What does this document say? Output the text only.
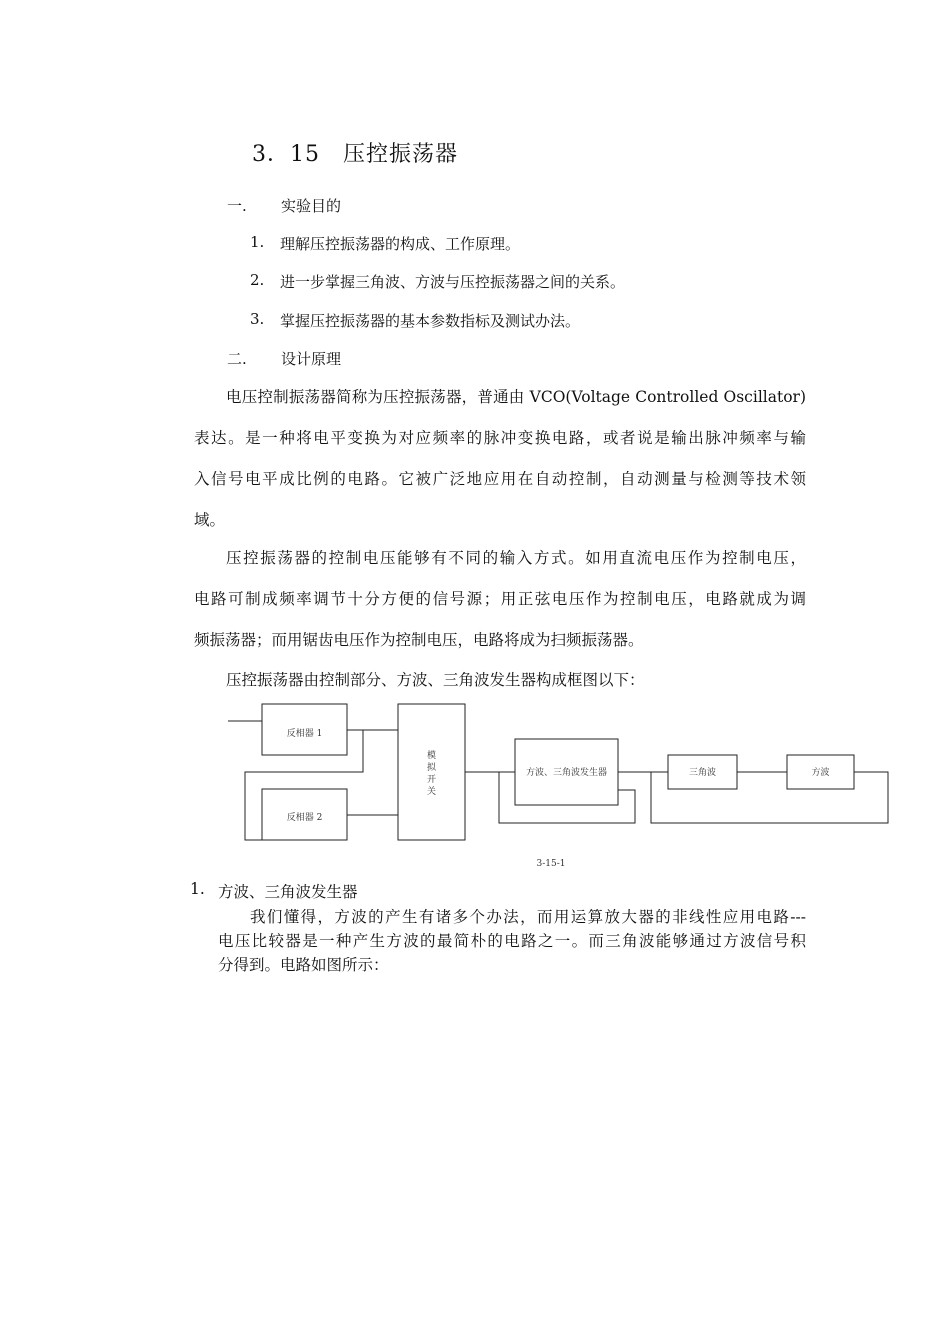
3．15　压控振荡器
一. 实验目的
1. 理解压控振荡器的构成、工作原理。
2. 进一步掌握三角波、方波与压控振荡器之间的关系。
3. 掌握压控振荡器的基本参数指标及测试办法。
二. 设计原理
电压控制振荡器简称为压控振荡器，普通由 VCO(Voltage Controlled Oscillator)
表达。是一种将电平变换为对应频率的脉冲变换电路，或者说是输出脉冲频率与输
入信号电平成比例的电路。它被广泛地应用在自动控制，自动测量与检测等技术领
域。
压控振荡器的控制电压能够有不同的输入方式。如用直流电压作为控制电压，
电路可制成频率调节十分方便的信号源；用正弦电压作为控制电压，电路就成为调
频振荡器；而用锯齿电压作为控制电压，电路将成为扫频振荡器。
压控振荡器由控制部分、方波、三角波发生器构成框图以下：
反相器 1
反相器 2
模
拟
开
关
方波、三角波发生器	三角波	方波
3-15-1
1. 方波、三角波发生器
我们懂得，方波的产生有诸多个办法，而用运算放大器的非线性应用电路---
电压比较器是一种产生方波的最简朴的电路之一。而三角波能够通过方波信号积
分得到。电路如图所示：
